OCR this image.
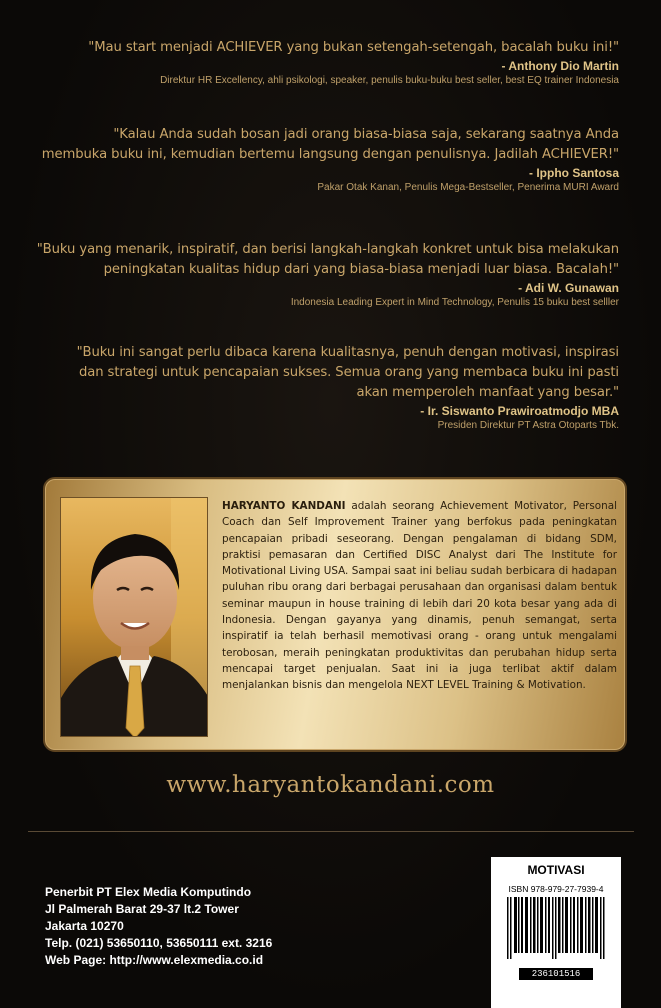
"Mau start menjadi ACHIEVER yang bukan setengah-setengah, bacalah buku ini!"
- Anthony Dio Martin
Direktur HR Excellency, ahli psikologi, speaker, penulis buku-buku best seller, best EQ trainer Indonesia
"Kalau Anda sudah bosan jadi orang biasa-biasa saja, sekarang saatnya Anda
membuka buku ini, kemudian bertemu langsung dengan penulisnya. Jadilah ACHIEVER!"
- Ippho Santosa
Pakar Otak Kanan, Penulis Mega-Bestseller, Penerima MURI Award
"Buku yang menarik, inspiratif, dan berisi langkah-langkah konkret untuk bisa melakukan
peningkatan kualitas hidup dari yang biasa-biasa menjadi luar biasa. Bacalah!"
- Adi W. Gunawan
Indonesia Leading Expert in Mind Technology, Penulis 15 buku best selller
"Buku ini sangat perlu dibaca karena kualitasnya, penuh dengan motivasi, inspirasi
dan strategi untuk pencapaian sukses. Semua orang yang membaca buku ini pasti
akan memperoleh manfaat yang besar."
- Ir. Siswanto Prawiroatmodjo MBA
Presiden Direktur PT Astra Otoparts Tbk.
HARYANTO KANDANI adalah seorang Achievement Motivator, Personal Coach dan Self Improvement Trainer yang berfokus pada peningkatan pencapaian pribadi seseorang. Dengan pengalaman di bidang SDM, praktisi pemasaran dan Certified DISC Analyst dari The Institute for Motivational Living USA. Sampai saat ini beliau sudah berbicara di hadapan puluhan ribu orang dari berbagai perusahaan dan organisasi dalam bentuk seminar maupun in house training di lebih dari 20 kota besar yang ada di Indonesia. Dengan gayanya yang dinamis, penuh semangat, serta inspiratif ia telah berhasil memotivasi orang - orang untuk mengalami terobosan, meraih peningkatan produktivitas dan perubahan hidup serta mencapai target penjualan. Saat ini ia juga terlibat aktif dalam menjalankan bisnis dan mengelola NEXT LEVEL Training & Motivation.
www.haryantokandani.com
Penerbit PT Elex Media Komputindo
Jl Palmerah Barat 29-37 lt.2 Tower
Jakarta 10270
Telp. (021) 53650110, 53650111 ext. 3216
Web Page: http://www.elexmedia.co.id
MOTIVASI
ISBN 978-979-27-7939-4
236101516
